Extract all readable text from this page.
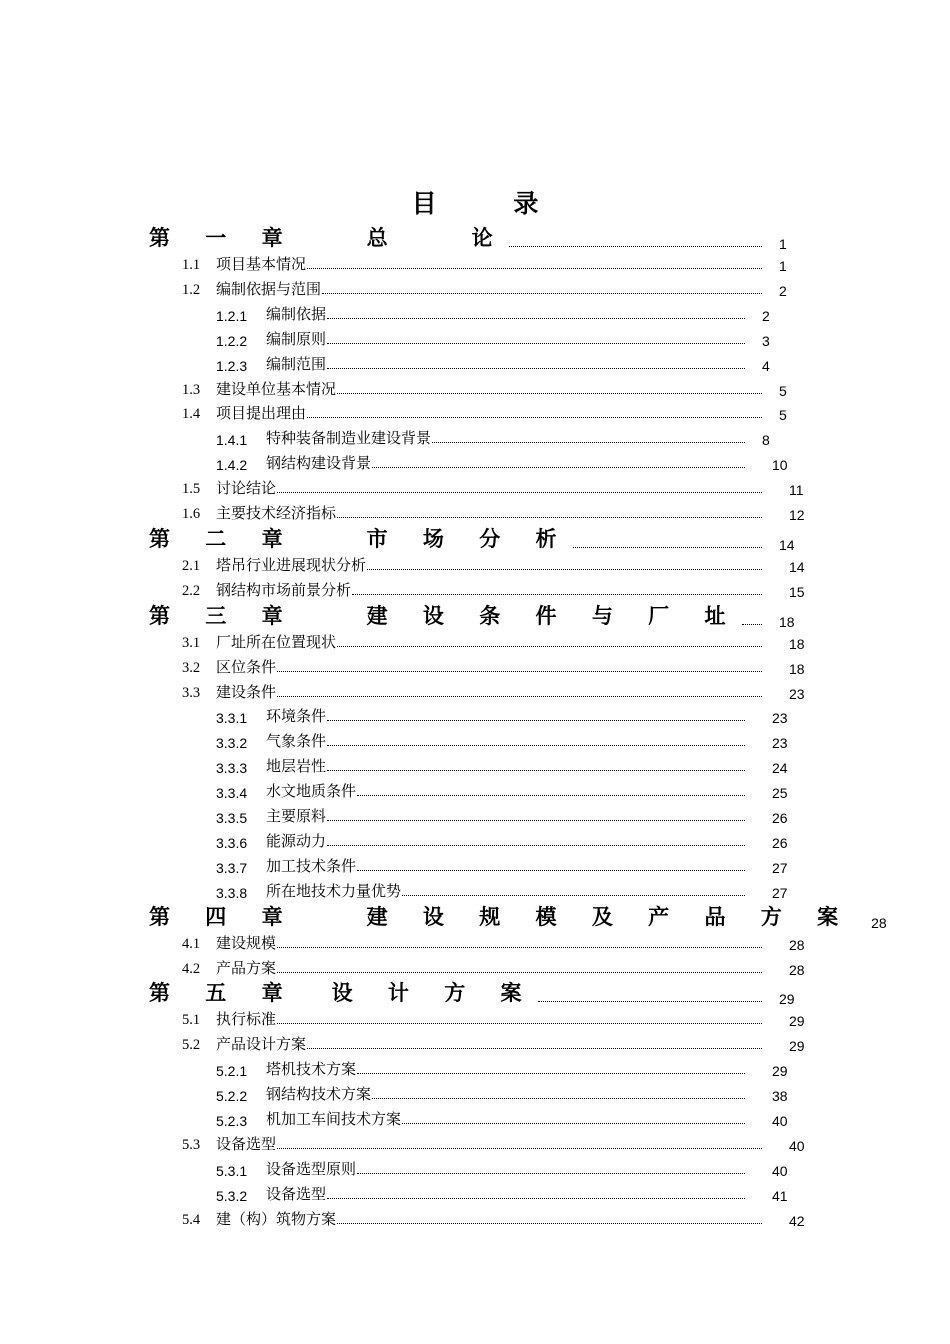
目 录
第 一 章　　总　　论	1
1.1	项目基本情况	1
1.2	编制依据与范围	2
1.2.1	编制依据	2
1.2.2	编制原则	3
1.2.3	编制范围	4
1.3	建设单位基本情况	5
1.4	项目提出理由	5
1.4.1	特种装备制造业建设背景	8
1.4.2	钢结构建设背景	10
1.5	讨论结论	11
1.6	主要技术经济指标	12
第 二 章　　市 场 分 析	14
2.1	塔吊行业进展现状分析	14
2.2	钢结构市场前景分析	15
第 三 章　　建 设 条 件 与 厂 址	18
3.1	厂址所在位置现状	18
3.2	区位条件	18
3.3	建设条件	23
3.3.1	环境条件	23
3.3.2	气象条件	23
3.3.3	地层岩性	24
3.3.4	水文地质条件	25
3.3.5	主要原料	26
3.3.6	能源动力	26
3.3.7	加工技术条件	27
3.3.8	所在地技术力量优势	27
第 四 章　　建 设 规 模 及 产 品 方 案	28
4.1	建设规模	28
4.2	产品方案	28
第 五 章　设 计 方 案	29
5.1	执行标准	29
5.2	产品设计方案	29
5.2.1	塔机技术方案	29
5.2.2	钢结构技术方案	38
5.2.3	机加工车间技术方案	40
5.3	设备选型	40
5.3.1	设备选型原则	40
5.3.2	设备选型	41
5.4	建（构）筑物方案	42
